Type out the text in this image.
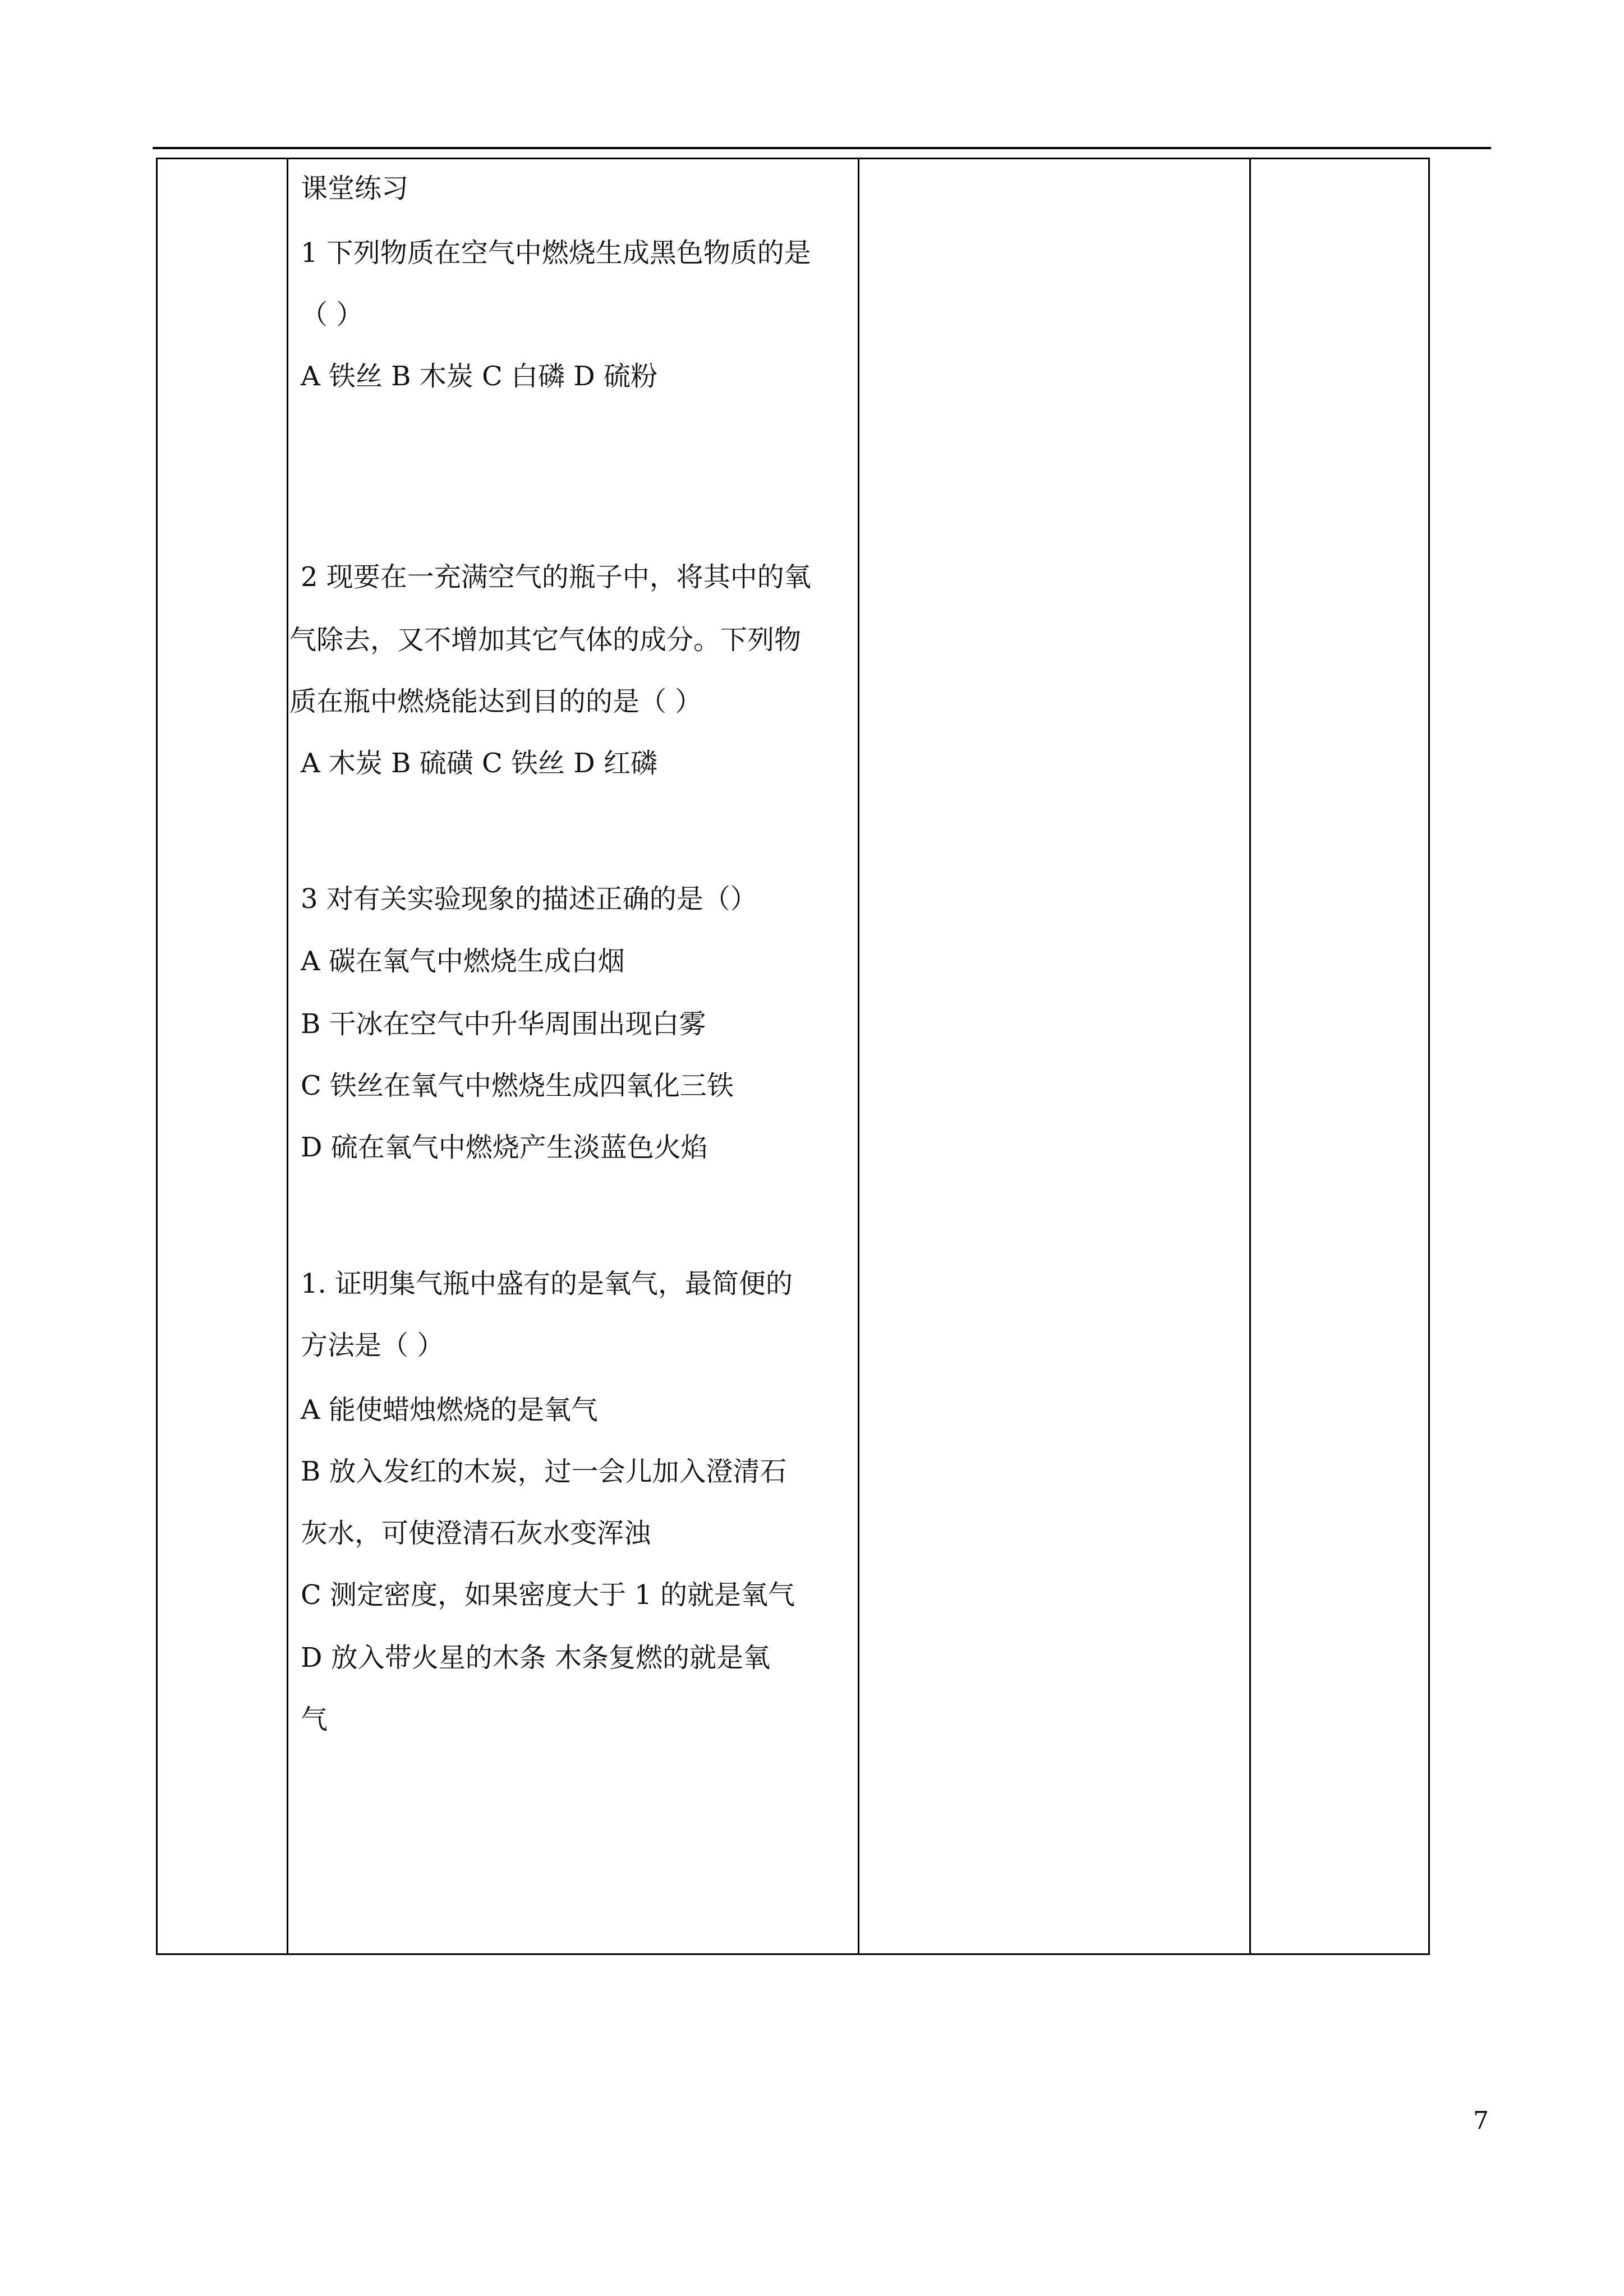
课堂练习
1 下列物质在空气中燃烧生成黑色物质的是
（ ）
A 铁丝 B 木炭 C 白磷 D 硫粉
2 现要在一充满空气的瓶子中，将其中的氧
气除去，又不增加其它气体的成分。下列物
质在瓶中燃烧能达到目的的是（ ）
A 木炭 B 硫磺 C 铁丝 D 红磷
3 对有关实验现象的描述正确的是（）
A 碳在氧气中燃烧生成白烟
B 干冰在空气中升华周围出现白雾
C 铁丝在氧气中燃烧生成四氧化三铁
D 硫在氧气中燃烧产生淡蓝色火焰
1. 证明集气瓶中盛有的是氧气，最简便的
方法是（ ）
A 能使蜡烛燃烧的是氧气
B 放入发红的木炭，过一会儿加入澄清石
灰水，可使澄清石灰水变浑浊
C 测定密度，如果密度大于 1 的就是氧气
D 放入带火星的木条 木条复燃的就是氧
气

7
